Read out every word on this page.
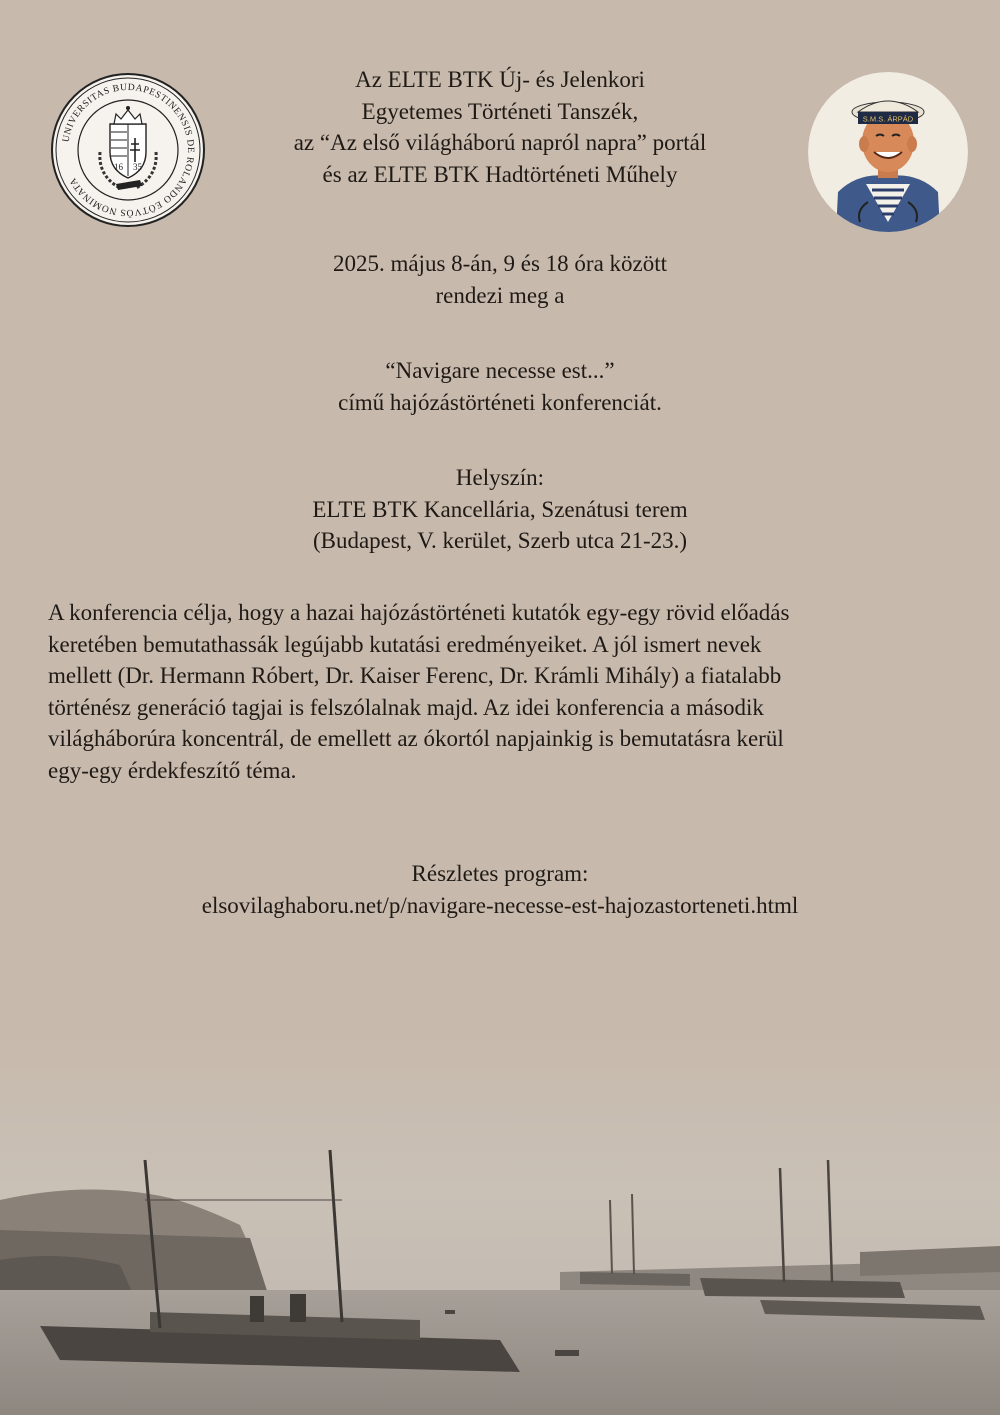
UNIVERSITAS BUDAPESTINENSIS DE ROLANDO EÖTVÖS NOMINATA
16 35
S.M.S. ÁRPÁD
Az ELTE BTK Új- és Jelenkori
Egyetemes Történeti Tanszék,
az “Az első világháború napról napra” portál
és az ELTE BTK Hadtörténeti Műhely
2025. május 8-án, 9 és 18 óra között
rendezi meg a
“Navigare necesse est...”
című hajózástörténeti konferenciát.
Helyszín:
ELTE BTK Kancellária, Szenátusi terem
(Budapest, V. kerület, Szerb utca 21-23.)
A konferencia célja, hogy a hazai hajózástörténeti kutatók egy-egy rövid előadás
keretében bemutathassák legújabb kutatási eredményeiket. A jól ismert nevek
mellett (Dr. Hermann Róbert, Dr. Kaiser Ferenc, Dr. Krámli Mihály) a fiatalabb
történész generáció tagjai is felszólalnak majd. Az idei konferencia a második
világháborúra koncentrál, de emellett az ókortól napjainkig is bemutatásra kerül
egy-egy érdekfeszítő téma.
Részletes program:
elsovilaghaboru.net/p/navigare-necesse-est-hajozastorteneti.html
